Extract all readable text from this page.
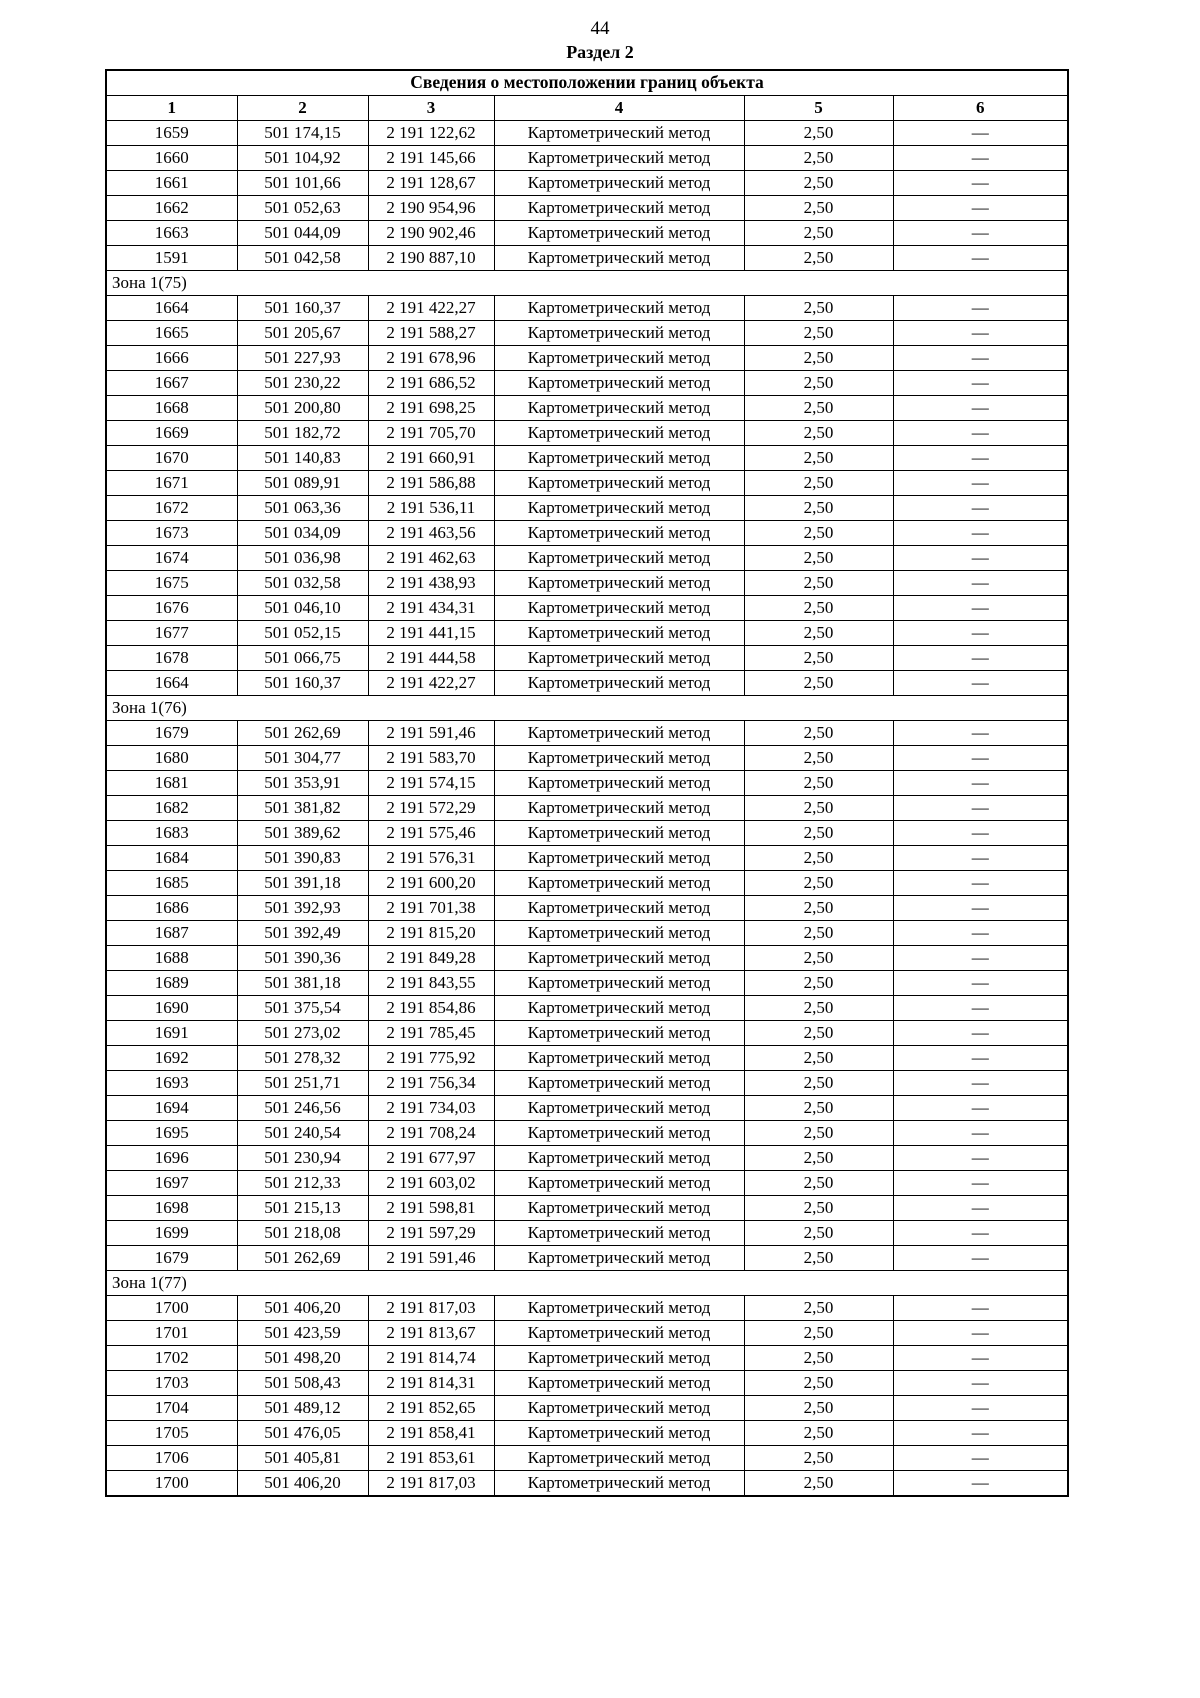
44
Раздел 2
Сведения о местоположении границ объекта					
1	2	3	4	5	6
1659	501 174,15	2 191 122,62	Картометрический метод	2,50	—
1660	501 104,92	2 191 145,66	Картометрический метод	2,50	—
1661	501 101,66	2 191 128,67	Картометрический метод	2,50	—
1662	501 052,63	2 190 954,96	Картометрический метод	2,50	—
1663	501 044,09	2 190 902,46	Картометрический метод	2,50	—
1591	501 042,58	2 190 887,10	Картометрический метод	2,50	—
Зона 1(75)					
1664	501 160,37	2 191 422,27	Картометрический метод	2,50	—
1665	501 205,67	2 191 588,27	Картометрический метод	2,50	—
1666	501 227,93	2 191 678,96	Картометрический метод	2,50	—
1667	501 230,22	2 191 686,52	Картометрический метод	2,50	—
1668	501 200,80	2 191 698,25	Картометрический метод	2,50	—
1669	501 182,72	2 191 705,70	Картометрический метод	2,50	—
1670	501 140,83	2 191 660,91	Картометрический метод	2,50	—
1671	501 089,91	2 191 586,88	Картометрический метод	2,50	—
1672	501 063,36	2 191 536,11	Картометрический метод	2,50	—
1673	501 034,09	2 191 463,56	Картометрический метод	2,50	—
1674	501 036,98	2 191 462,63	Картометрический метод	2,50	—
1675	501 032,58	2 191 438,93	Картометрический метод	2,50	—
1676	501 046,10	2 191 434,31	Картометрический метод	2,50	—
1677	501 052,15	2 191 441,15	Картометрический метод	2,50	—
1678	501 066,75	2 191 444,58	Картометрический метод	2,50	—
1664	501 160,37	2 191 422,27	Картометрический метод	2,50	—
Зона 1(76)					
1679	501 262,69	2 191 591,46	Картометрический метод	2,50	—
1680	501 304,77	2 191 583,70	Картометрический метод	2,50	—
1681	501 353,91	2 191 574,15	Картометрический метод	2,50	—
1682	501 381,82	2 191 572,29	Картометрический метод	2,50	—
1683	501 389,62	2 191 575,46	Картометрический метод	2,50	—
1684	501 390,83	2 191 576,31	Картометрический метод	2,50	—
1685	501 391,18	2 191 600,20	Картометрический метод	2,50	—
1686	501 392,93	2 191 701,38	Картометрический метод	2,50	—
1687	501 392,49	2 191 815,20	Картометрический метод	2,50	—
1688	501 390,36	2 191 849,28	Картометрический метод	2,50	—
1689	501 381,18	2 191 843,55	Картометрический метод	2,50	—
1690	501 375,54	2 191 854,86	Картометрический метод	2,50	—
1691	501 273,02	2 191 785,45	Картометрический метод	2,50	—
1692	501 278,32	2 191 775,92	Картометрический метод	2,50	—
1693	501 251,71	2 191 756,34	Картометрический метод	2,50	—
1694	501 246,56	2 191 734,03	Картометрический метод	2,50	—
1695	501 240,54	2 191 708,24	Картометрический метод	2,50	—
1696	501 230,94	2 191 677,97	Картометрический метод	2,50	—
1697	501 212,33	2 191 603,02	Картометрический метод	2,50	—
1698	501 215,13	2 191 598,81	Картометрический метод	2,50	—
1699	501 218,08	2 191 597,29	Картометрический метод	2,50	—
1679	501 262,69	2 191 591,46	Картометрический метод	2,50	—
Зона 1(77)					
1700	501 406,20	2 191 817,03	Картометрический метод	2,50	—
1701	501 423,59	2 191 813,67	Картометрический метод	2,50	—
1702	501 498,20	2 191 814,74	Картометрический метод	2,50	—
1703	501 508,43	2 191 814,31	Картометрический метод	2,50	—
1704	501 489,12	2 191 852,65	Картометрический метод	2,50	—
1705	501 476,05	2 191 858,41	Картометрический метод	2,50	—
1706	501 405,81	2 191 853,61	Картометрический метод	2,50	—
1700	501 406,20	2 191 817,03	Картометрический метод	2,50	—
